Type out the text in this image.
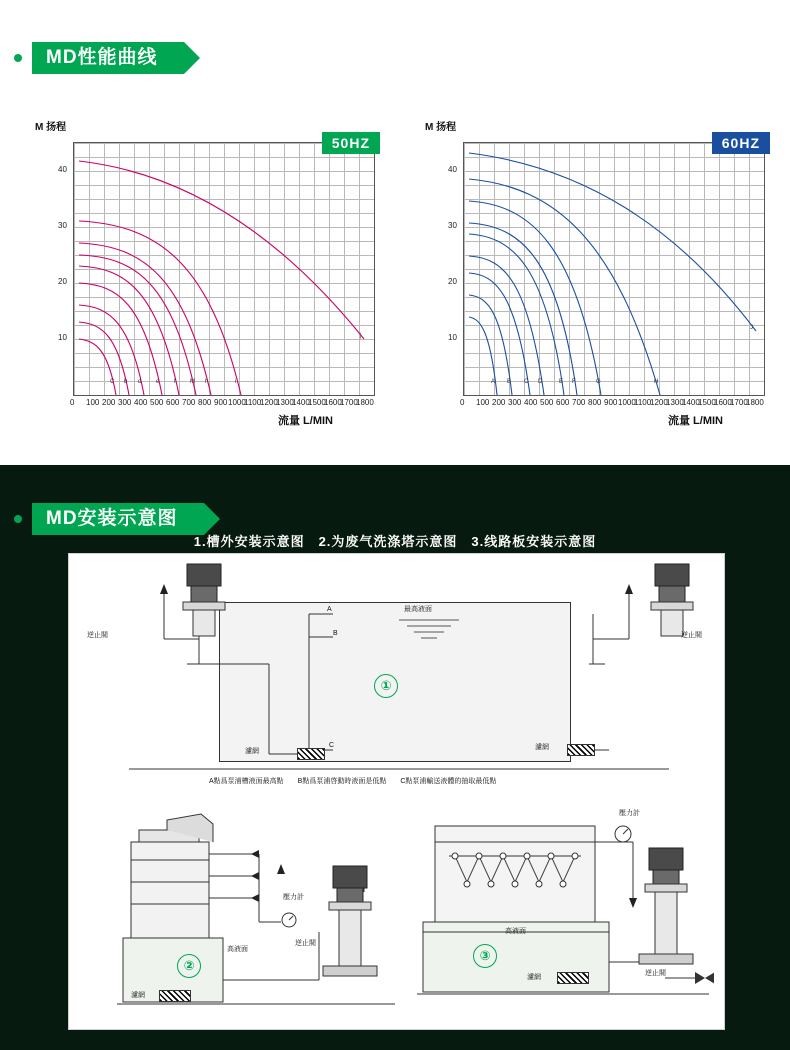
MD性能曲线
M 扬程
C b d e f M h	i
j
50HZ
40
30
20
10
0 100 200 300 400 500 600 700 800 900 1000
1100
1200
1300
1400
1500
1600
1700
1800
流量 L/MIN
M 扬程
A B C D	E F	G	H
J
60HZ
40
30
20
10
0 100 200 300 400 500 600 700 800 900 1000
1100
1200
1300
1400
1500
1600
1700
1800
流量 L/MIN
MD安装示意图
1.槽外安装示意图　2.为废气洗涤塔示意图　3.线路板安装示意图
A
B
C
最高液面
逆止閥	逆止閥
濾網
濾網
①
A點爲泵浦槽液面最高點　　B點爲泵浦啓動時液面是低點　　C點泵浦輸送液體的抽取最低點
壓力計
逆止閥
高液面
濾網
②
壓力計
逆止閥
高液面
濾網
③
